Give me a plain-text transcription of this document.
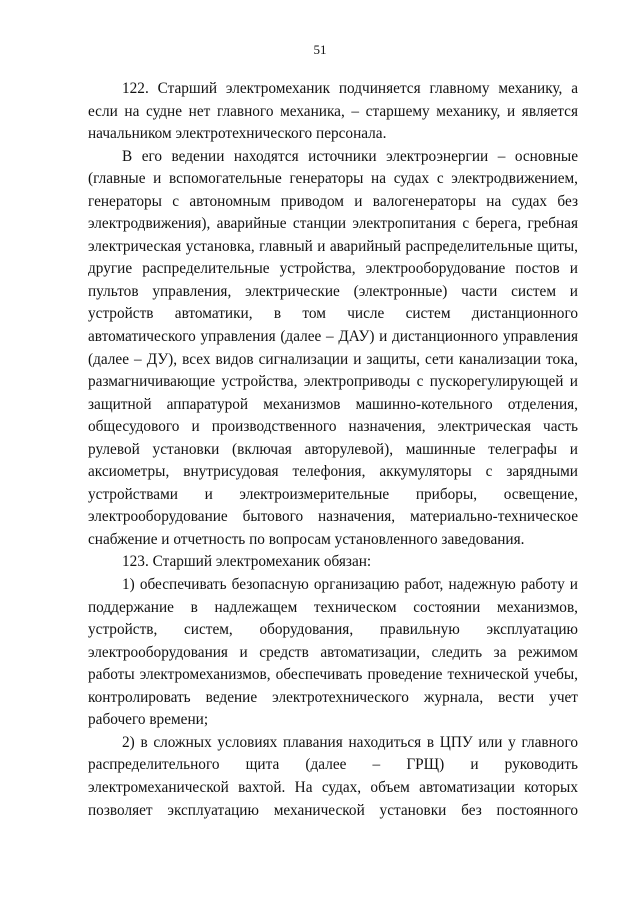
51

122. Старший электромеханик подчиняется главному механику, а если на судне нет главного механика, – старшему механику, и является начальником электротехнического персонала.

В его ведении находятся источники электроэнергии – основные (главные и вспомогательные генераторы на судах с электродвижением, генераторы с автономным приводом и валогенераторы на судах без электродвижения), аварийные станции электропитания с берега, гребная электрическая установка, главный и аварийный распределительные щиты, другие распределительные устройства, электрооборудование постов и пультов управления, электрические (электронные) части систем и устройств автоматики, в том числе систем дистанционного автоматического управления (далее – ДАУ) и дистанционного управления (далее – ДУ), всех видов сигнализации и защиты, сети канализации тока, размагничивающие устройства, электроприводы с пускорегулирующей и защитной аппаратурой механизмов машинно-котельного отделения, общесудового и производственного назначения, электрическая часть рулевой установки (включая авторулевой), машинные телеграфы и аксиометры, внутрисудовая телефония, аккумуляторы с зарядными устройствами и электроизмерительные приборы, освещение, электрооборудование бытового назначения, материально-техническое снабжение и отчетность по вопросам установленного заведования.

123. Старший электромеханик обязан:

1) обеспечивать безопасную организацию работ, надежную работу и поддержание в надлежащем техническом состоянии механизмов, устройств, систем, оборудования, правильную эксплуатацию электрооборудования и средств автоматизации, следить за режимом работы электромеханизмов, обеспечивать проведение технической учебы, контролировать ведение электротехнического журнала, вести учет рабочего времени;

2) в сложных условиях плавания находиться в ЦПУ или у главного распределительного щита (далее – ГРЩ) и руководить электромеханической вахтой. На судах, объем автоматизации которых позволяет эксплуатацию механической установки без постоянного
